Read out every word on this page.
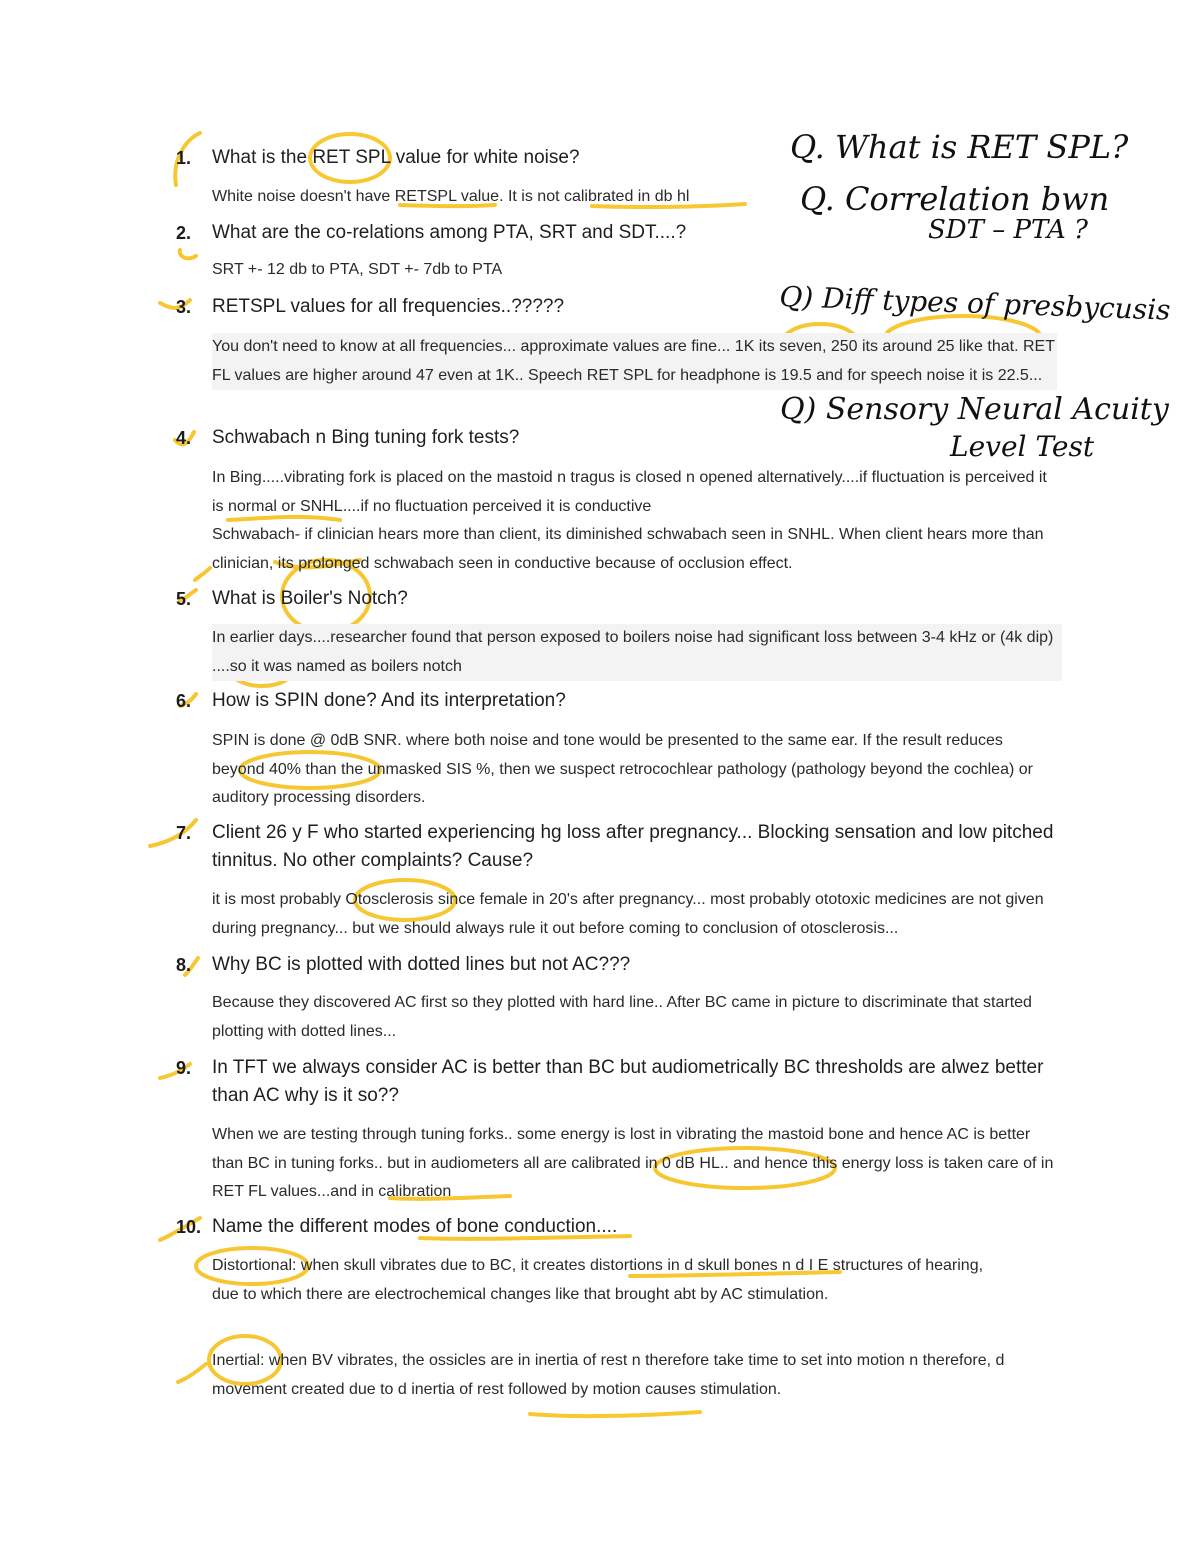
1. What is the RET SPL value for white noise?
White noise doesn't have RETSPL value. It is not calibrated in db hl
2. What are the co-relations among PTA, SRT and SDT....?
SRT +- 12 db to PTA, SDT +- 7db to PTA
3. RETSPL values for all frequencies..?????
You don't need to know at all frequencies... approximate values are fine... 1K its seven, 250 its around 25 like that. RET FL values are higher around 47 even at 1K.. Speech RET SPL for headphone is 19.5 and for speech noise it is 22.5...
4. Schwabach n Bing tuning fork tests?
In Bing.....vibrating fork is placed on the mastoid n tragus is closed n opened alternatively....if fluctuation is perceived it is normal or SNHL....if no fluctuation perceived it is conductive
Schwabach- if clinician hears more than client, its diminished schwabach seen in SNHL. When client hears more than clinician, its prolonged schwabach seen in conductive because of occlusion effect.
5. What is Boiler's Notch?
In earlier days....researcher found that person exposed to boilers noise had significant loss between 3-4 kHz or (4k dip) ....so it was named as boilers notch
6. How is SPIN done? And its interpretation?
SPIN is done @ 0dB SNR. where both noise and tone would be presented to the same ear. If the result reduces beyond 40% than the unmasked SIS %, then we suspect retrocochlear pathology (pathology beyond the cochlea) or auditory processing disorders.
7. Client 26 y F who started experiencing hg loss after pregnancy... Blocking sensation and low pitched tinnitus. No other complaints? Cause?
it is most probably Otosclerosis since female in 20's after pregnancy... most probably ototoxic medicines are not given during pregnancy... but we should always rule it out before coming to conclusion of otosclerosis...
8. Why BC is plotted with dotted lines but not AC???
Because they discovered AC first so they plotted with hard line.. After BC came in picture to discriminate that started plotting with dotted lines...
9. In TFT we always consider AC is better than BC but audiometrically BC thresholds are alwez better than AC why is it so??
When we are testing through tuning forks.. some energy is lost in vibrating the mastoid bone and hence AC is better than BC in tuning forks.. but in audiometers all are calibrated in 0 dB HL.. and hence this energy loss is taken care of in RET FL values...and in calibration
10. Name the different modes of bone conduction....
Distortional: when skull vibrates due to BC, it creates distortions in d skull bones n d I E structures of hearing, due to which there are electrochemical changes like that brought abt by AC stimulation.
Inertial: when BV vibrates, the ossicles are in inertia of rest n therefore take time to set into motion n therefore, d movement created due to d inertia of rest followed by motion causes stimulation.
Q. What is RET SPL?
Q. Correlation bwn
SDT – PTA ?
Q) Diff types of presbycusis
Q) Sensory Neural Acuity
Level Test
